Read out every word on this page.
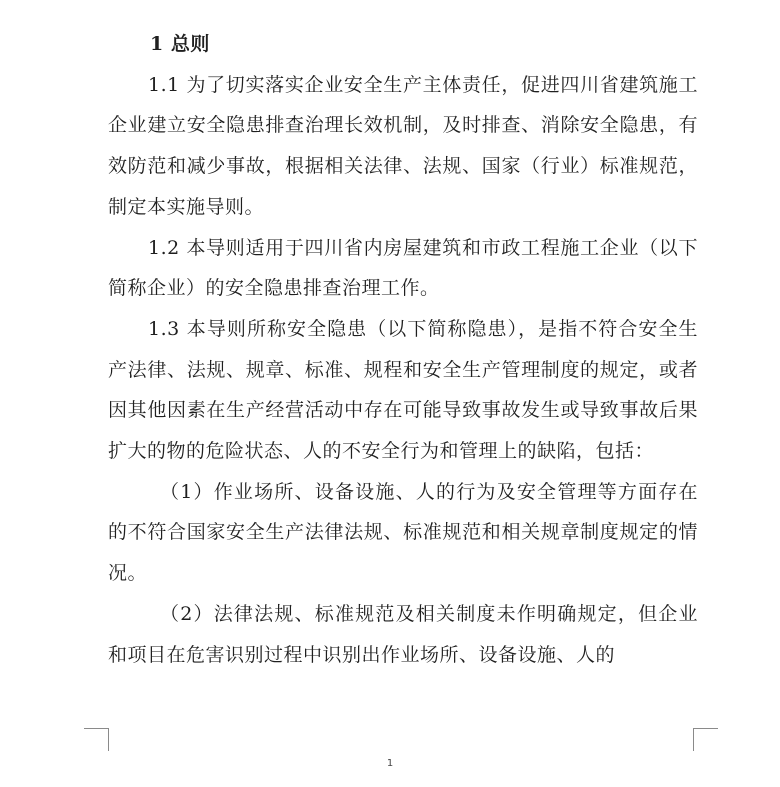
1 总则

1.1 为了切实落实企业安全生产主体责任，促进四川省建筑施工企业建立安全隐患排查治理长效机制，及时排查、消除安全隐患，有效防范和减少事故，根据相关法律、法规、国家（行业）标准规范，制定本实施导则。

1.2 本导则适用于四川省内房屋建筑和市政工程施工企业（以下简称企业）的安全隐患排查治理工作。

1.3 本导则所称安全隐患（以下简称隐患），是指不符合安全生产法律、法规、规章、标准、规程和安全生产管理制度的规定，或者因其他因素在生产经营活动中存在可能导致事故发生或导致事故后果扩大的物的危险状态、人的不安全行为和管理上的缺陷，包括：

（1）作业场所、设备设施、人的行为及安全管理等方面存在的不符合国家安全生产法律法规、标准规范和相关规章制度规定的情况。

（2）法律法规、标准规范及相关制度未作明确规定，但企业和项目在危害识别过程中识别出作业场所、设备设施、人的

1
